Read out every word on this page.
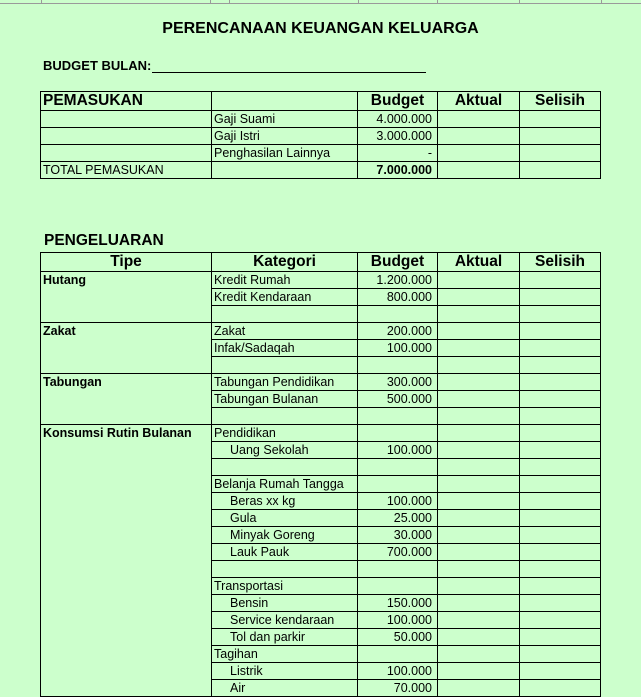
PERENCANAAN KEUANGAN KELUARGA
BUDGET BULAN:
PEMASUKAN		Budget	Aktual	Selisih
	Gaji Suami	4.000.000		
	Gaji Istri	3.000.000		
	Penghasilan Lainnya	-		
TOTAL PEMASUKAN		7.000.000		
PENGELUARAN
Tipe	Kategori	Budget	Aktual	Selisih
Hutang	Kredit Rumah	1.200.000		
	Kredit Kendaraan	800.000		

Zakat	Zakat	200.000		
	Infak/Sadaqah	100.000		

Tabungan	Tabungan Pendidikan	300.000		
	Tabungan Bulanan	500.000		

Konsumsi Rutin Bulanan	Pendidikan			
	Uang Sekolah	100.000		

	Belanja Rumah Tangga			
	Beras xx kg	100.000		
	Gula	25.000		
	Minyak Goreng	30.000		
	Lauk Pauk	700.000		

	Transportasi			
	Bensin	150.000		
	Service kendaraan	100.000		
	Tol dan parkir	50.000		
	Tagihan			
	Listrik	100.000		
	Air	70.000		
